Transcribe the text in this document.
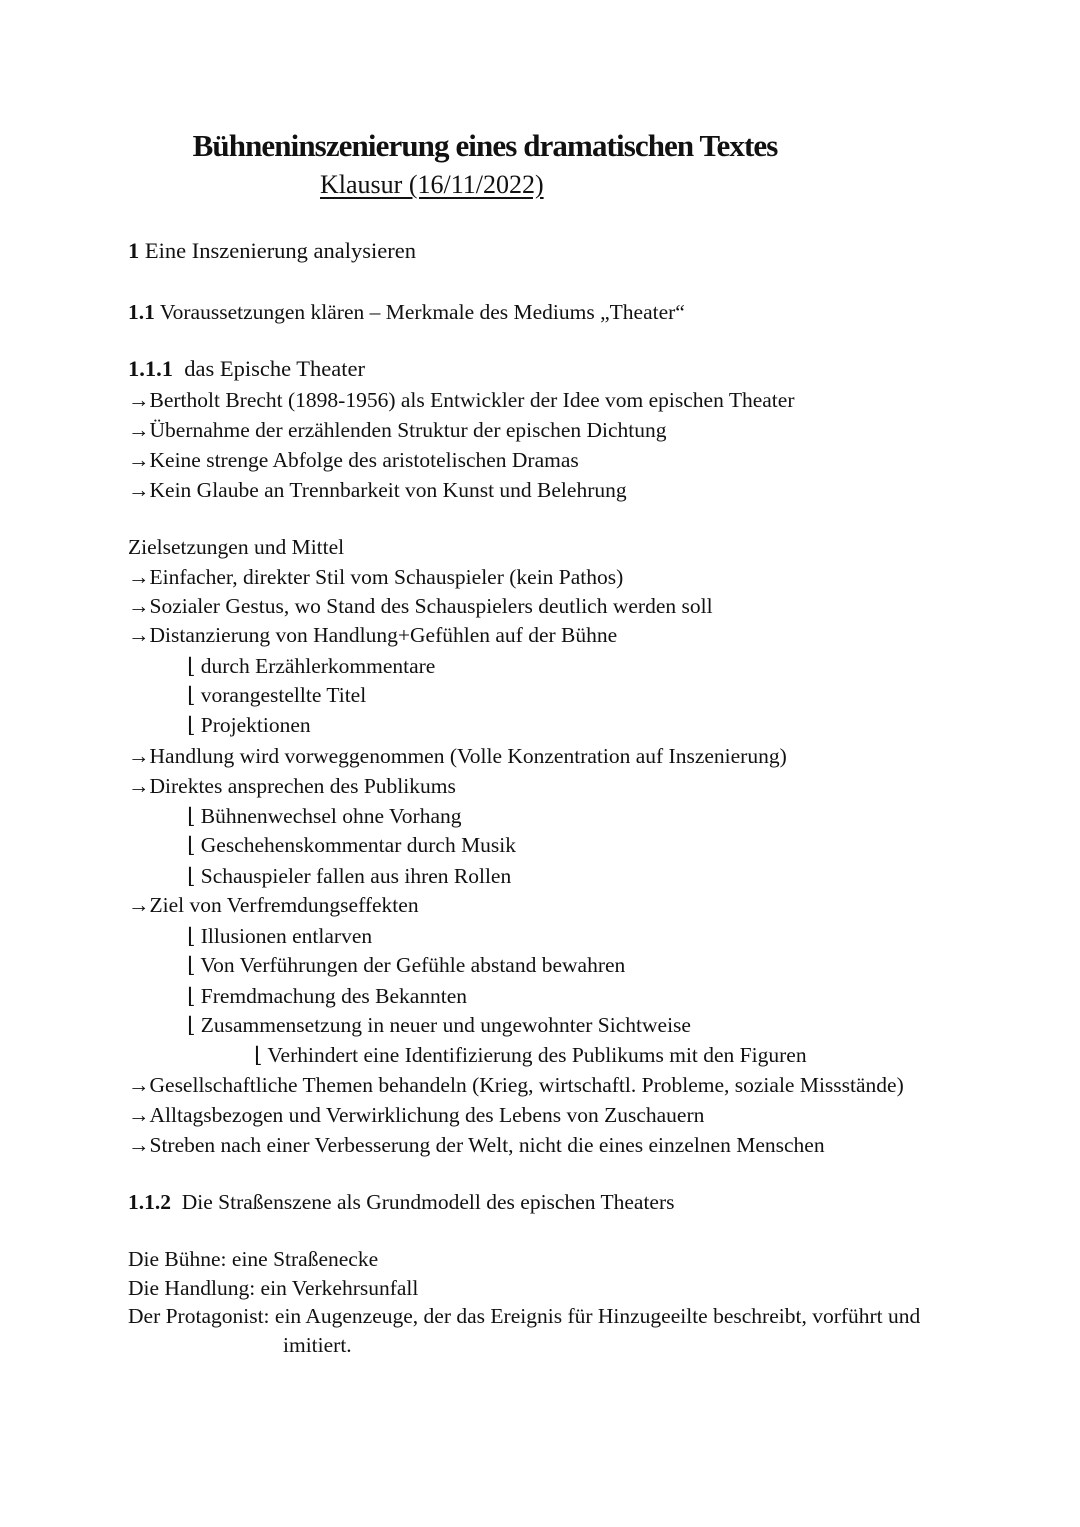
Bühneninszenierung eines dramatischen Textes
Klausur (16/11/2022)
1 Eine Inszenierung analysieren
1.1 Voraussetzungen klären – Merkmale des Mediums „Theater“
1.1.1 das Epische Theater
→Bertholt Brecht (1898-1956) als Entwickler der Idee vom epischen Theater
→Übernahme der erzählenden Struktur der epischen Dichtung
→Keine strenge Abfolge des aristotelischen Dramas
→Kein Glaube an Trennbarkeit von Kunst und Belehrung
Zielsetzungen und Mittel
→Einfacher, direkter Stil vom Schauspieler (kein Pathos)
→Sozialer Gestus, wo Stand des Schauspielers deutlich werden soll
→Distanzierung von Handlung+Gefühlen auf der Bühne
⌊ durch Erzählerkommentare
⌊ vorangestellte Titel
⌊ Projektionen
→Handlung wird vorweggenommen (Volle Konzentration auf Inszenierung)
→Direktes ansprechen des Publikums
⌊ Bühnenwechsel ohne Vorhang
⌊ Geschehenskommentar durch Musik
⌊ Schauspieler fallen aus ihren Rollen
→Ziel von Verfremdungseffekten
⌊ Illusionen entlarven
⌊ Von Verführungen der Gefühle abstand bewahren
⌊ Fremdmachung des Bekannten
⌊ Zusammensetzung in neuer und ungewohnter Sichtweise
⌊ Verhindert eine Identifizierung des Publikums mit den Figuren
→Gesellschaftliche Themen behandeln (Krieg, wirtschaftl. Probleme, soziale Missstände)
→Alltagsbezogen und Verwirklichung des Lebens von Zuschauern
→Streben nach einer Verbesserung der Welt, nicht die eines einzelnen Menschen
1.1.2 Die Straßenszene als Grundmodell des epischen Theaters
Die Bühne: eine Straßenecke
Die Handlung: ein Verkehrsunfall
Der Protagonist: ein Augenzeuge, der das Ereignis für Hinzugeeilte beschreibt, vorführt und
imitiert.
